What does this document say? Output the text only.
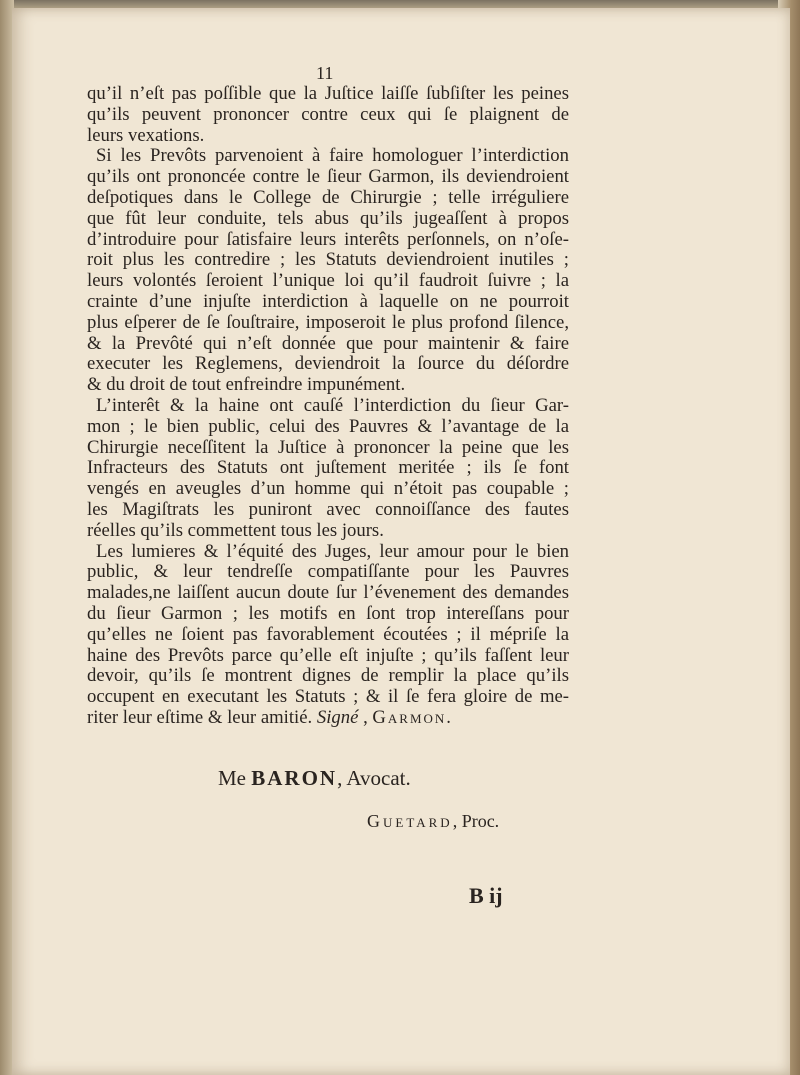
11
qu’il n’eſt pas poſſible que la Juſtice laiſſe ſubſiſter les peines
qu’ils peuvent prononcer contre ceux qui ſe plaignent de
leurs vexations.
Si les Prevôts parvenoient à faire homologuer l’interdiction
qu’ils ont prononcée contre le ſieur Garmon, ils deviendroient
deſpotiques dans le College de Chirurgie ; telle irréguliere
que fût leur conduite, tels abus qu’ils jugeaſſent à propos
d’introduire pour ſatisfaire leurs interêts perſonnels, on n’oſe-
roit plus les contredire ; les Statuts deviendroient inutiles ;
leurs volontés ſeroient l’unique loi qu’il faudroit ſuivre ; la
crainte d’une injuſte interdiction à laquelle on ne pourroit
plus eſperer de ſe ſouſtraire, imposeroit le plus profond ſilence,
& la Prevôté qui n’eſt donnée que pour maintenir & faire
executer les Reglemens, deviendroit la ſource du déſordre
& du droit de tout enfreindre impunément.
L’interêt & la haine ont cauſé l’interdiction du ſieur Gar-
mon ; le bien public, celui des Pauvres & l’avantage de la
Chirurgie neceſſitent la Juſtice à prononcer la peine que les
Infracteurs des Statuts ont juſtement meritée ; ils ſe font
vengés en aveugles d’un homme qui n’étoit pas coupable ;
les Magiſtrats les puniront avec connoiſſance des fautes
réelles qu’ils commettent tous les jours.
Les lumieres & l’équité des Juges, leur amour pour le bien
public, & leur tendreſſe compatiſſante pour les Pauvres
malades,ne laiſſent aucun doute ſur l’évenement des demandes
du ſieur Garmon ; les motifs en ſont trop intereſſans pour
qu’elles ne ſoient pas favorablement écoutées ; il mépriſe la
haine des Prevôts parce qu’elle eſt injuſte ; qu’ils faſſent leur
devoir, qu’ils ſe montrent dignes de remplir la place qu’ils
occupent en executant les Statuts ; & il ſe fera gloire de me-
riter leur eſtime & leur amitié. Signé , Garmon.
Me BARON, Avocat.
Guetard, Proc.
B ij
